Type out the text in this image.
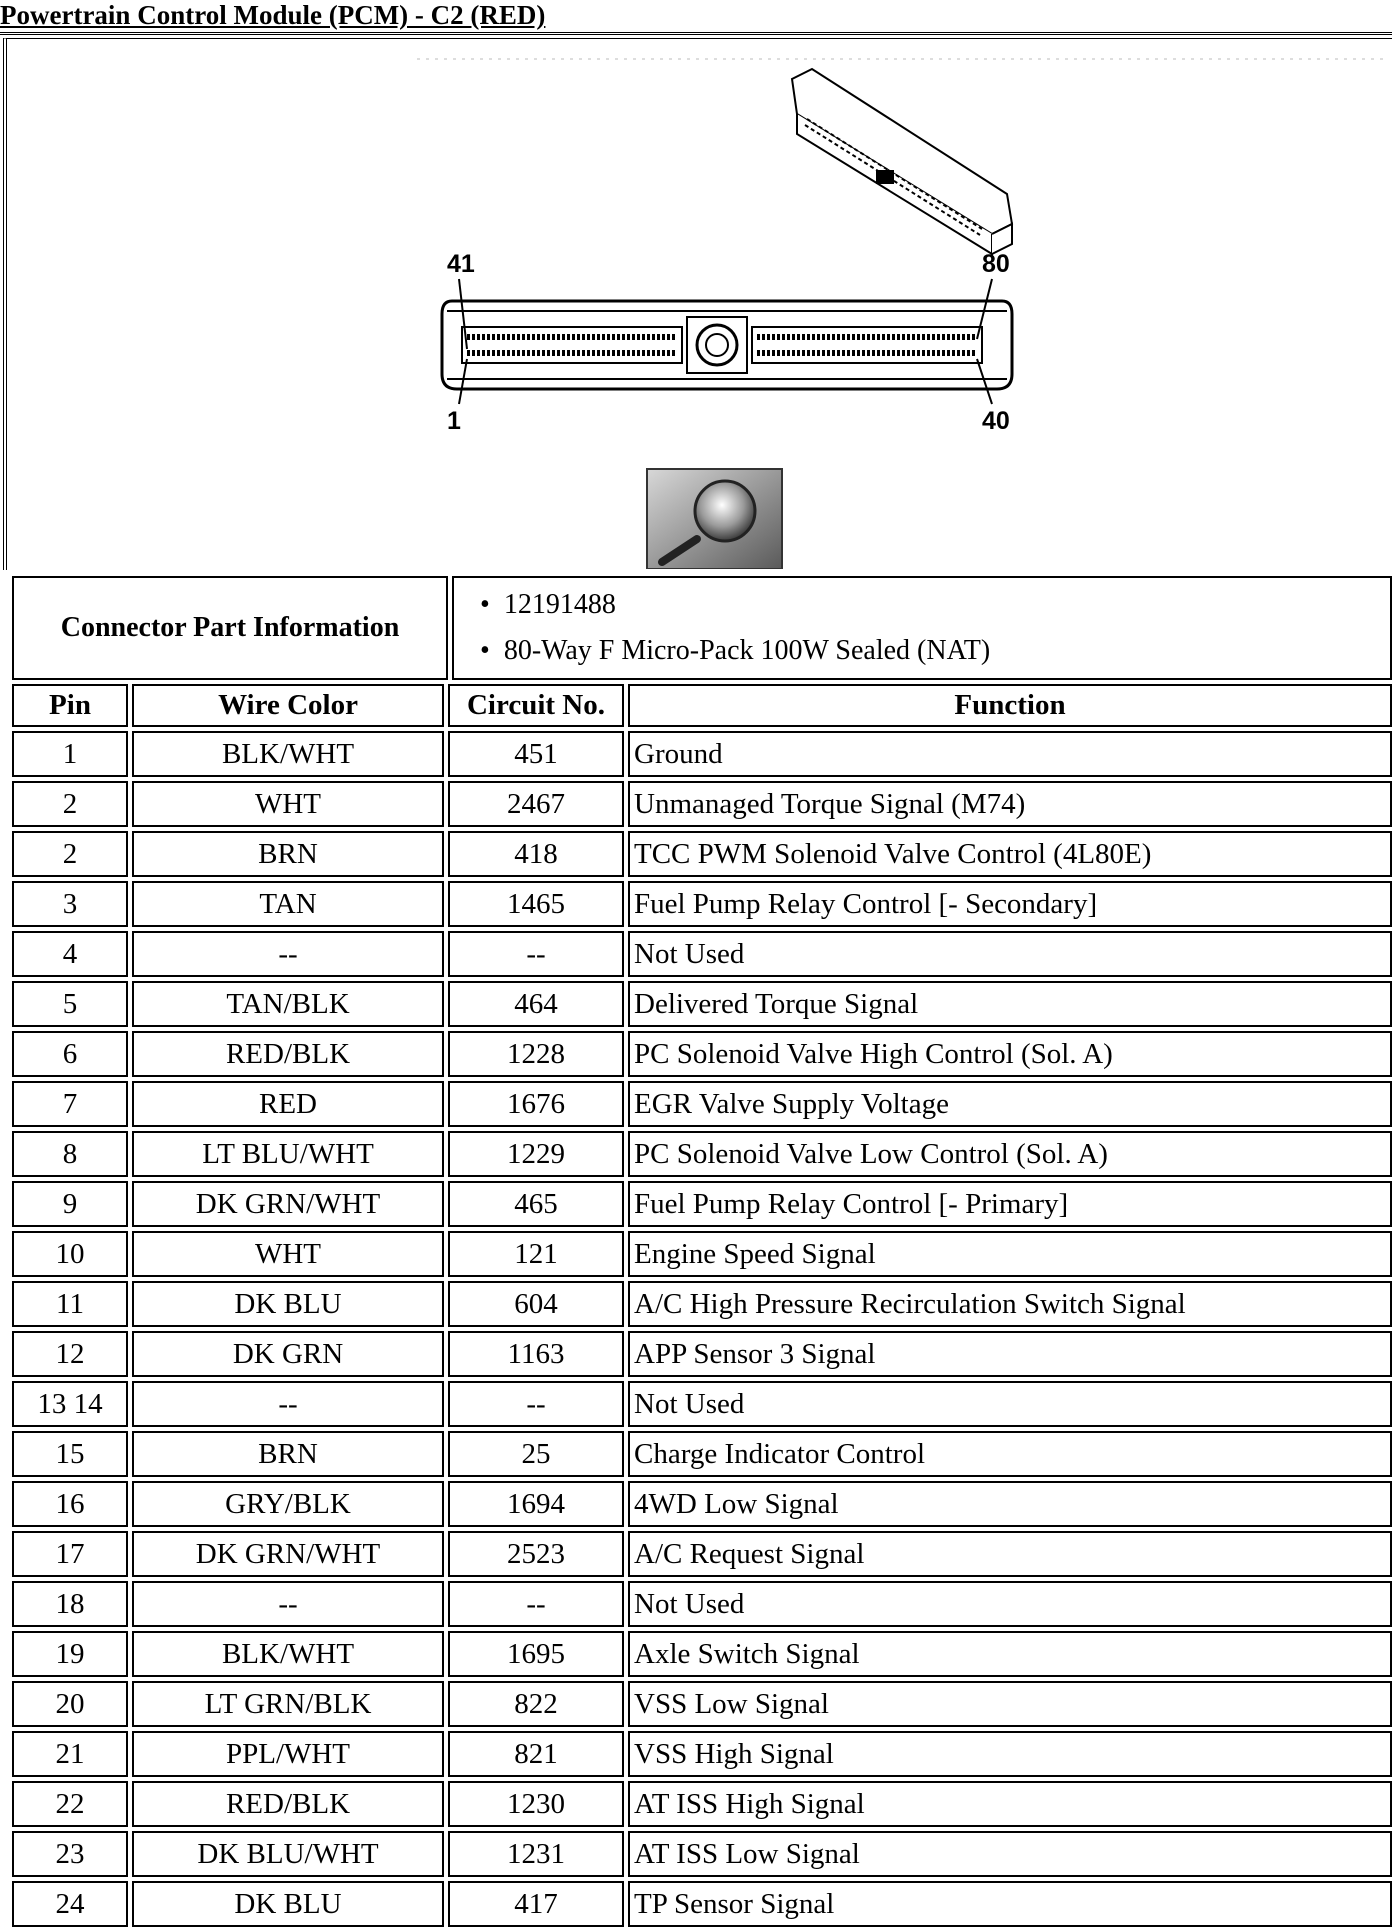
Powertrain Control Module (PCM) - C2 (RED)
41	80
1	40
Connector Part Information	
• 12191488
• 80-Way F Micro-Pack 100W Sealed (NAT)
Pin	Wire Color	Circuit No.	Function
1	BLK/WHT	451	Ground
2	WHT	2467	Unmanaged Torque Signal (M74)
2	BRN	418	TCC PWM Solenoid Valve Control (4L80E)
3	TAN	1465	Fuel Pump Relay Control [- Secondary]
4	--	--	Not Used
5	TAN/BLK	464	Delivered Torque Signal
6	RED/BLK	1228	PC Solenoid Valve High Control (Sol. A)
7	RED	1676	EGR Valve Supply Voltage
8	LT BLU/WHT	1229	PC Solenoid Valve Low Control (Sol. A)
9	DK GRN/WHT	465	Fuel Pump Relay Control [- Primary]
10	WHT	121	Engine Speed Signal
11	DK BLU	604	A/C High Pressure Recirculation Switch Signal
12	DK GRN	1163	APP Sensor 3 Signal
13 14	--	--	Not Used
15	BRN	25	Charge Indicator Control
16	GRY/BLK	1694	4WD Low Signal
17	DK GRN/WHT	2523	A/C Request Signal
18	--	--	Not Used
19	BLK/WHT	1695	Axle Switch Signal
20	LT GRN/BLK	822	VSS Low Signal
21	PPL/WHT	821	VSS High Signal
22	RED/BLK	1230	AT ISS High Signal
23	DK BLU/WHT	1231	AT ISS Low Signal
24	DK BLU	417	TP Sensor Signal
